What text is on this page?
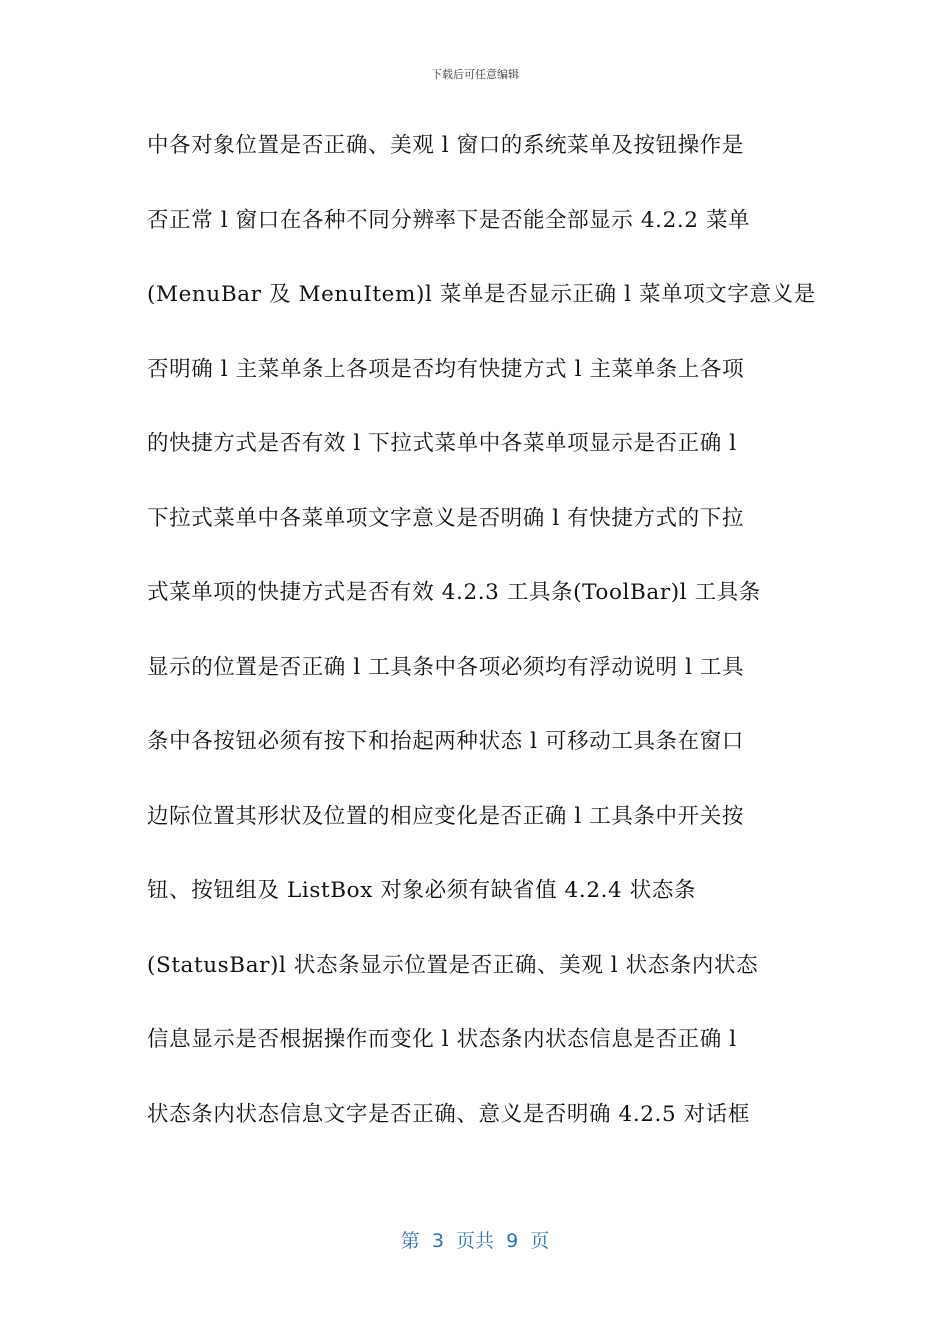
下载后可任意编辑
中各对象位置是否正确、美观 l 窗口的系统菜单及按钮操作是
否正常 l 窗口在各种不同分辨率下是否能全部显示 4.2.2 菜单
(MenuBar 及 MenuItem)l 菜单是否显示正确 l 菜单项文字意义是
否明确 l 主菜单条上各项是否均有快捷方式 l 主菜单条上各项
的快捷方式是否有效 l 下拉式菜单中各菜单项显示是否正确 l
下拉式菜单中各菜单项文字意义是否明确 l 有快捷方式的下拉
式菜单项的快捷方式是否有效 4.2.3 工具条(ToolBar)l 工具条
显示的位置是否正确 l 工具条中各项必须均有浮动说明 l 工具
条中各按钮必须有按下和抬起两种状态 l 可移动工具条在窗口
边际位置其形状及位置的相应变化是否正确 l 工具条中开关按
钮、按钮组及 ListBox 对象必须有缺省值 4.2.4 状态条
(StatusBar)l 状态条显示位置是否正确、美观 l 状态条内状态
信息显示是否根据操作而变化 l 状态条内状态信息是否正确 l
状态条内状态信息文字是否正确、意义是否明确 4.2.5 对话框
第  3  页共  9  页
